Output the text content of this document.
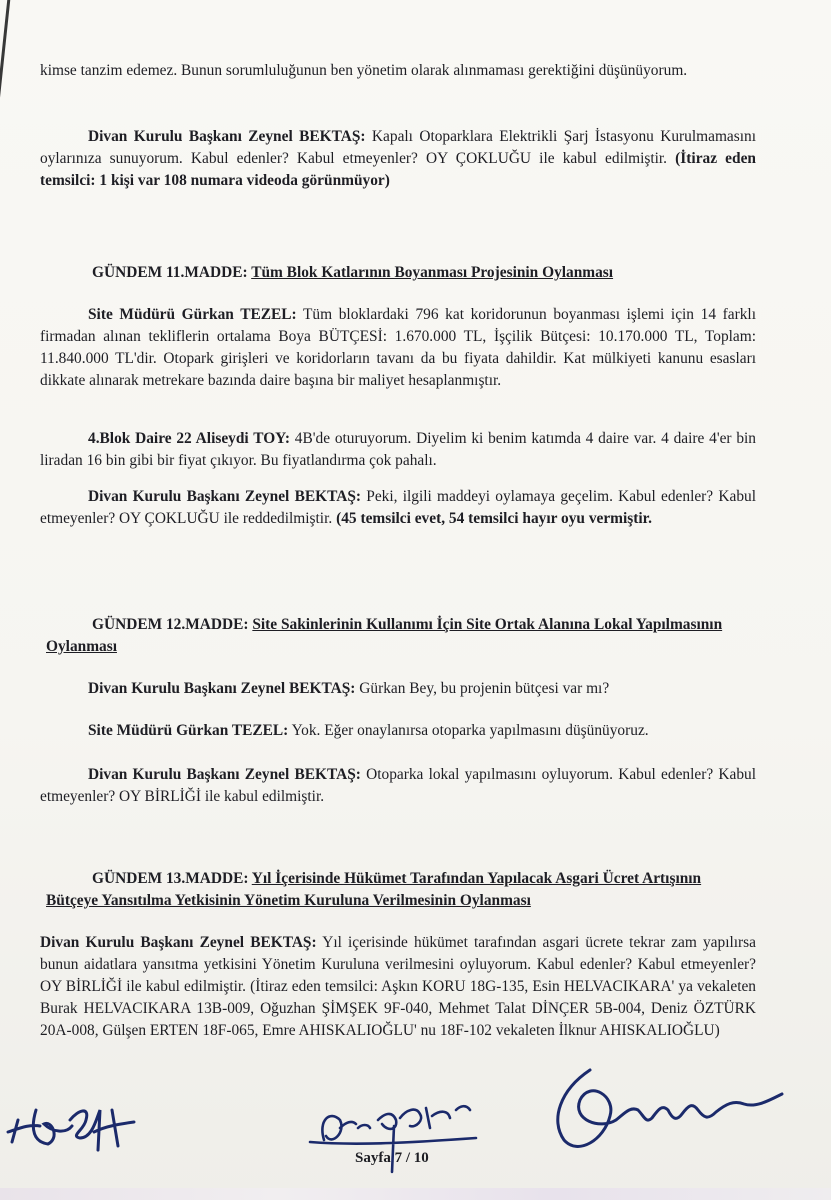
kimse tanzim edemez. Bunun sorumluluğunun ben yönetim olarak alınmaması gerektiğini düşünüyorum.
Divan Kurulu Başkanı Zeynel BEKTAŞ: Kapalı Otoparklara Elektrikli Şarj İstasyonu Kurulmamasını oylarınıza sunuyorum. Kabul edenler? Kabul etmeyenler? OY ÇOKLUĞU ile kabul edilmiştir. (İtiraz eden temsilci: 1 kişi var 108 numara videoda görünmüyor)
GÜNDEM 11.MADDE: Tüm Blok Katlarının Boyanması Projesinin Oylanması
Site Müdürü Gürkan TEZEL: Tüm bloklardaki 796 kat koridorunun boyanması işlemi için 14 farklı firmadan alınan tekliflerin ortalama Boya BÜTÇESİ: 1.670.000 TL, İşçilik Bütçesi: 10.170.000 TL, Toplam: 11.840.000 TL'dir. Otopark girişleri ve koridorların tavanı da bu fiyata dahildir. Kat mülkiyeti kanunu esasları dikkate alınarak metrekare bazında daire başına bir maliyet hesaplanmıştır.
4.Blok Daire 22 Aliseydi TOY: 4B'de oturuyorum. Diyelim ki benim katımda 4 daire var. 4 daire 4'er bin liradan 16 bin gibi bir fiyat çıkıyor. Bu fiyatlandırma çok pahalı.
Divan Kurulu Başkanı Zeynel BEKTAŞ: Peki, ilgili maddeyi oylamaya geçelim. Kabul edenler? Kabul etmeyenler? OY ÇOKLUĞU ile reddedilmiştir. (45 temsilci evet, 54 temsilci hayır oyu vermiştir.
GÜNDEM 12.MADDE: Site Sakinlerinin Kullanımı İçin Site Ortak Alanına Lokal Yapılmasının Oylanması
Divan Kurulu Başkanı Zeynel BEKTAŞ: Gürkan Bey, bu projenin bütçesi var mı?
Site Müdürü Gürkan TEZEL: Yok. Eğer onaylanırsa otoparka yapılmasını düşünüyoruz.
Divan Kurulu Başkanı Zeynel BEKTAŞ: Otoparka lokal yapılmasını oyluyorum. Kabul edenler? Kabul etmeyenler? OY BİRLİĞİ ile kabul edilmiştir.
GÜNDEM 13.MADDE: Yıl İçerisinde Hükümet Tarafından Yapılacak Asgari Ücret Artışının Bütçeye Yansıtılma Yetkisinin Yönetim Kuruluna Verilmesinin Oylanması
Divan Kurulu Başkanı Zeynel BEKTAŞ: Yıl içerisinde hükümet tarafından asgari ücrete tekrar zam yapılırsa bunun aidatlara yansıtma yetkisini Yönetim Kuruluna verilmesini oyluyorum. Kabul edenler? Kabul etmeyenler? OY BİRLİĞİ ile kabul edilmiştir. (İtiraz eden temsilci: Aşkın KORU 18G-135, Esin HELVACIKARA' ya vekaleten Burak HELVACIKARA 13B-009, Oğuzhan ŞİMŞEK 9F-040, Mehmet Talat DİNÇER 5B-004, Deniz ÖZTÜRK 20A-008, Gülşen ERTEN 18F-065, Emre AHISKALIOĞLU' nu 18F-102 vekaleten İlknur AHISKALIOĞLU)
Sayfa 7 / 10
